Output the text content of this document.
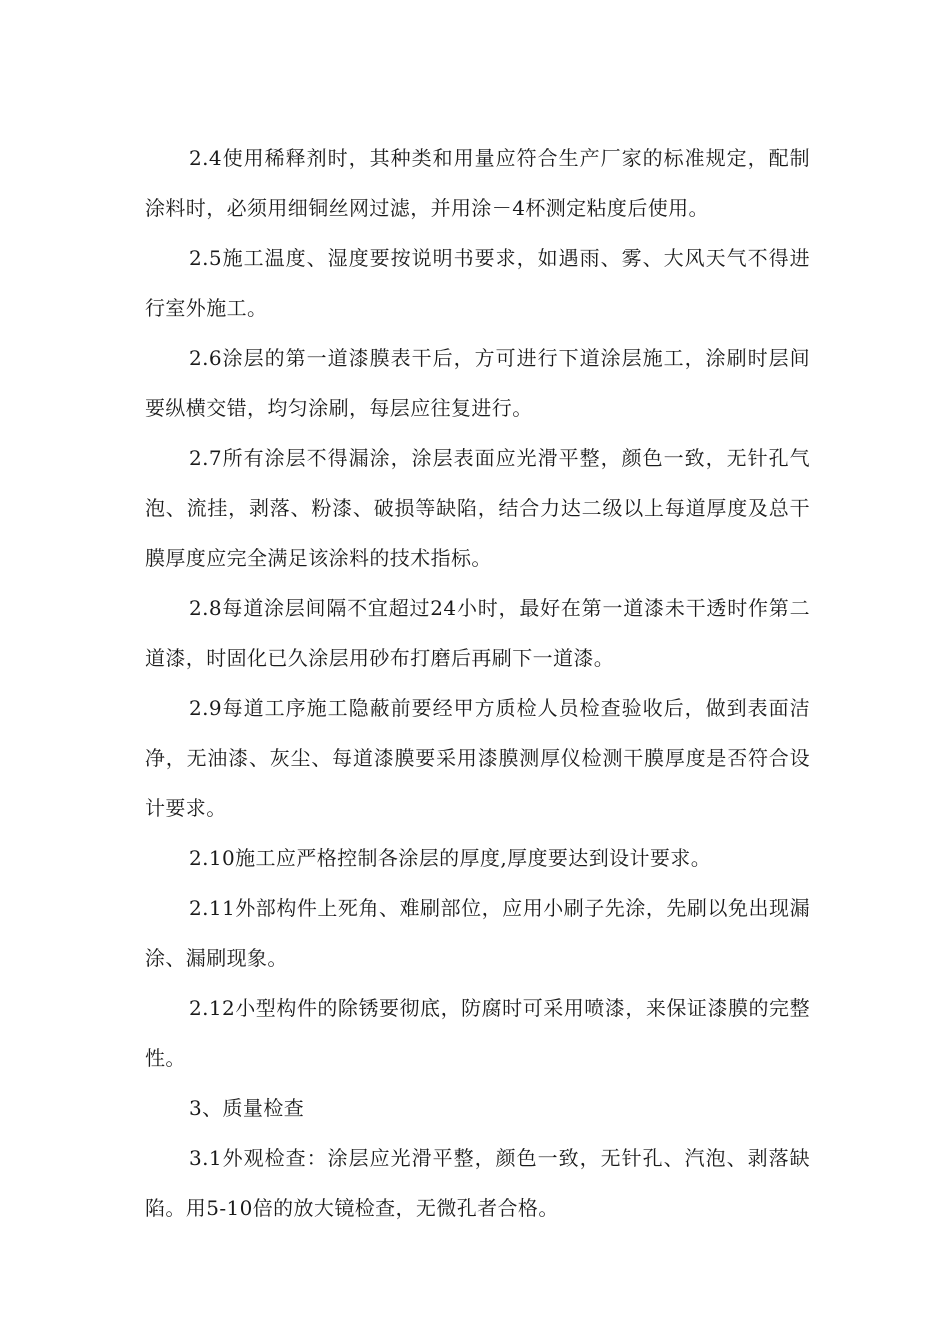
2.4使用稀释剂时，其种类和用量应符合生产厂家的标准规定，配制涂料时，必须用细铜丝网过滤，并用涂－4杯测定粘度后使用。

2.5施工温度、湿度要按说明书要求，如遇雨、雾、大风天气不得进行室外施工。

2.6涂层的第一道漆膜表干后，方可进行下道涂层施工，涂刷时层间要纵横交错，均匀涂刷，每层应往复进行。

2.7所有涂层不得漏涂，涂层表面应光滑平整，颜色一致，无针孔气泡、流挂，剥落、粉漆、破损等缺陷，结合力达二级以上每道厚度及总干膜厚度应完全满足该涂料的技术指标。

2.8每道涂层间隔不宜超过24小时，最好在第一道漆未干透时作第二道漆，时固化已久涂层用砂布打磨后再刷下一道漆。

2.9每道工序施工隐蔽前要经甲方质检人员检查验收后，做到表面洁净，无油漆、灰尘、每道漆膜要采用漆膜测厚仪检测干膜厚度是否符合设计要求。

2.10施工应严格控制各涂层的厚度,厚度要达到设计要求。

2.11外部构件上死角、难刷部位，应用小刷子先涂，先刷以免出现漏涂、漏刷现象。

2.12小型构件的除锈要彻底，防腐时可采用喷漆，来保证漆膜的完整性。

3、质量检查

3.1外观检查：涂层应光滑平整，颜色一致，无针孔、汽泡、剥落缺陷。用5-10倍的放大镜检查，无微孔者合格。
